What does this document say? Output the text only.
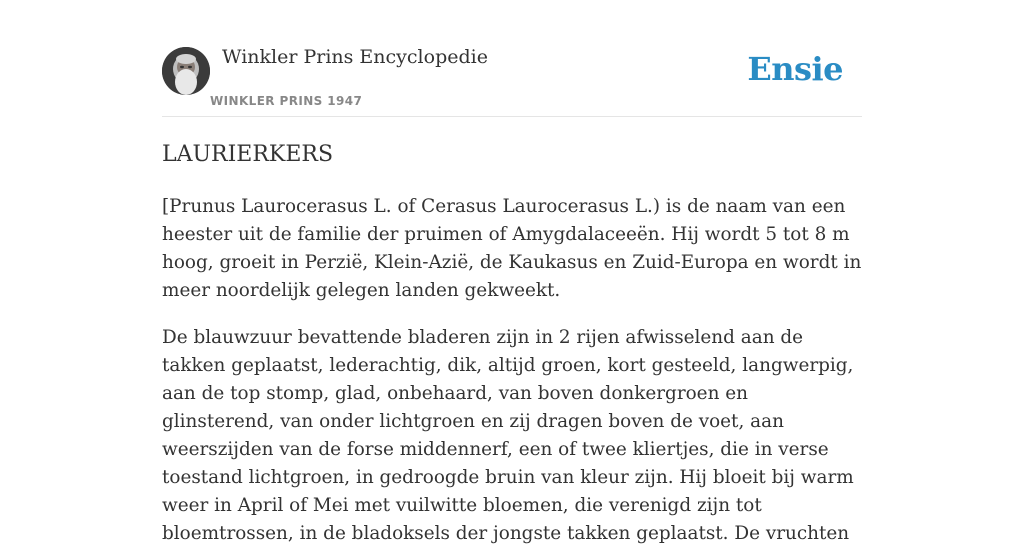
Winkler Prins Encyclopedie
WINKLER PRINS 1947
Ensie
LAURIERKERS

[Prunus Laurocerasus L. of Cerasus Laurocerasus L.) is de naam van een heester uit de familie der pruimen of Amygdalaceeën. Hij wordt 5 tot 8 m hoog, groeit in Perzië, Klein-Azië, de Kaukasus en Zuid-Europa en wordt in meer noordelijk gelegen landen gekweekt.

De blauwzuur bevattende bladeren zijn in 2 rijen afwisselend aan de takken geplaatst, lederachtig, dik, altijd groen, kort gesteeld, langwerpig, aan de top stomp, glad, onbehaard, van boven donkergroen en glinsterend, van onder lichtgroen en zij dragen boven de voet, aan weerszijden van de forse middennerf, een of twee kliertjes, die in verse toestand lichtgroen, in gedroogde bruin van kleur zijn. Hij bloeit bij warm weer in April of Mei met vuilwitte bloemen, die verenigd zijn tot bloemtrossen, in de bladoksels der jongste takken geplaatst. De vruchten
